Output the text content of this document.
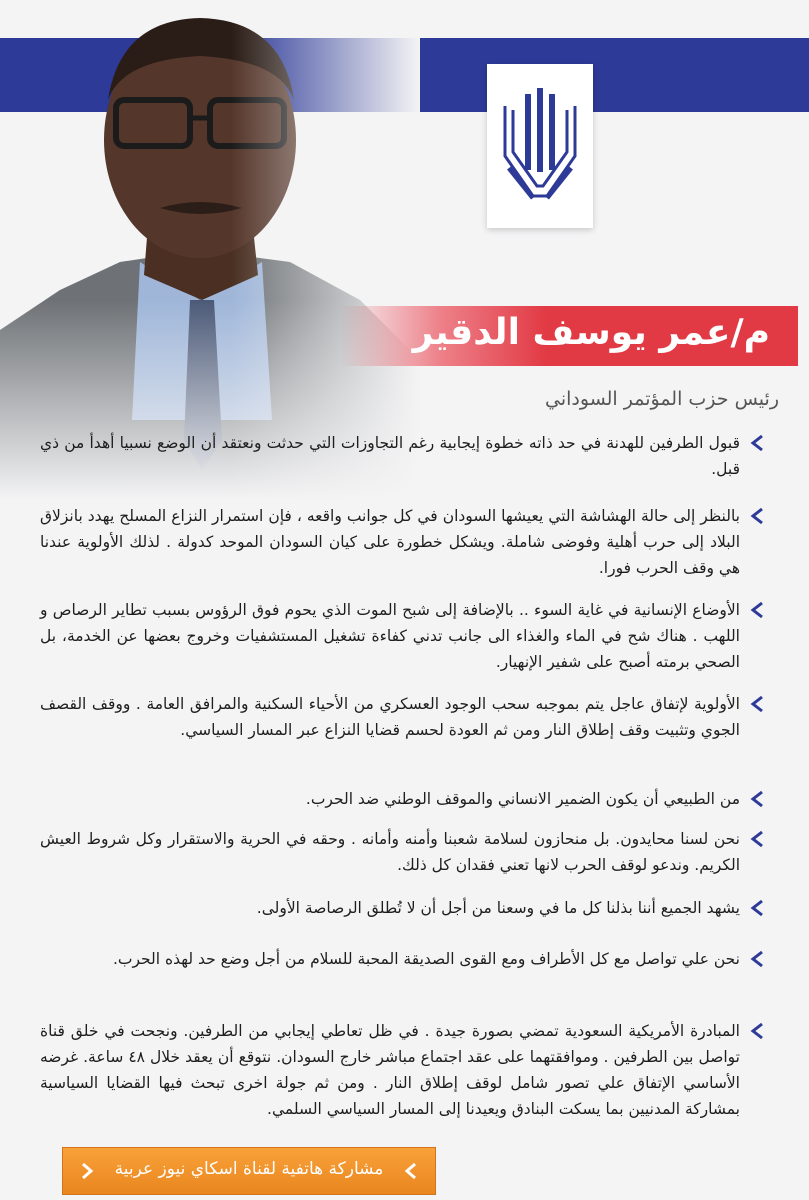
م/عمر يوسف الدقير
رئيس حزب المؤتمر السوداني
قبول الطرفين للهدنة في حد ذاته خطوة إيجابية رغم التجاوزات التي حدثت ونعتقد أن الوضع نسبيا أهدأ من ذي قبل.
بالنظر إلى حالة الهشاشة التي يعيشها السودان في كل جوانب واقعه ، فإن استمرار النزاع المسلح يهدد بانزلاق البلاد إلى حرب أهلية وفوضى شاملة. ويشكل خطورة على كيان السودان الموحد كدولة . لذلك الأولوية عندنا هي وقف الحرب فورا.
الأوضاع الإنسانية في غاية السوء .. بالإضافة إلى شبح الموت الذي يحوم فوق الرؤوس بسبب تطاير الرصاص و اللهب . هناك شح في الماء والغذاء الى جانب تدني كفاءة تشغيل المستشفيات وخروج بعضها عن الخدمة، بل الصحي برمته أصبح على شفير الإنهيار.
الأولوية لإتفاق عاجل يتم بموجبه سحب الوجود العسكري من الأحياء السكنية والمرافق العامة . ووقف القصف الجوي وتثبيت وقف إطلاق النار ومن ثم العودة لحسم قضايا النزاع عبر المسار السياسي.
من الطبيعي أن يكون الضمير الانساني والموقف الوطني ضد الحرب.
نحن لسنا محايدون. بل منحازون لسلامة شعبنا وأمنه وأمانه . وحقه في الحرية والاستقرار وكل شروط العيش الكريم. وندعو لوقف الحرب لانها تعني فقدان كل ذلك.
يشهد الجميع أننا بذلنا كل ما في وسعنا من أجل أن لا تُطلق الرصاصة الأولى.
نحن علي تواصل مع كل الأطراف ومع القوى الصديقة المحبة للسلام من أجل وضع حد لهذه الحرب.
المبادرة الأمريكية السعودية تمضي بصورة جيدة . في ظل تعاطي إيجابي من الطرفين. ونجحت في خلق قناة تواصل بين الطرفين . وموافقتهما على عقد اجتماع مباشر خارج السودان. نتوقع أن يعقد خلال ٤٨ ساعة. غرضه الأساسي الإتفاق علي تصور شامل لوقف إطلاق النار . ومن ثم جولة اخرى تبحث فيها القضايا السياسية بمشاركة المدنيين بما يسكت البنادق ويعيدنا إلى المسار السياسي السلمي.
مشاركة هاتفية لقناة اسكاي نيوز عربية
